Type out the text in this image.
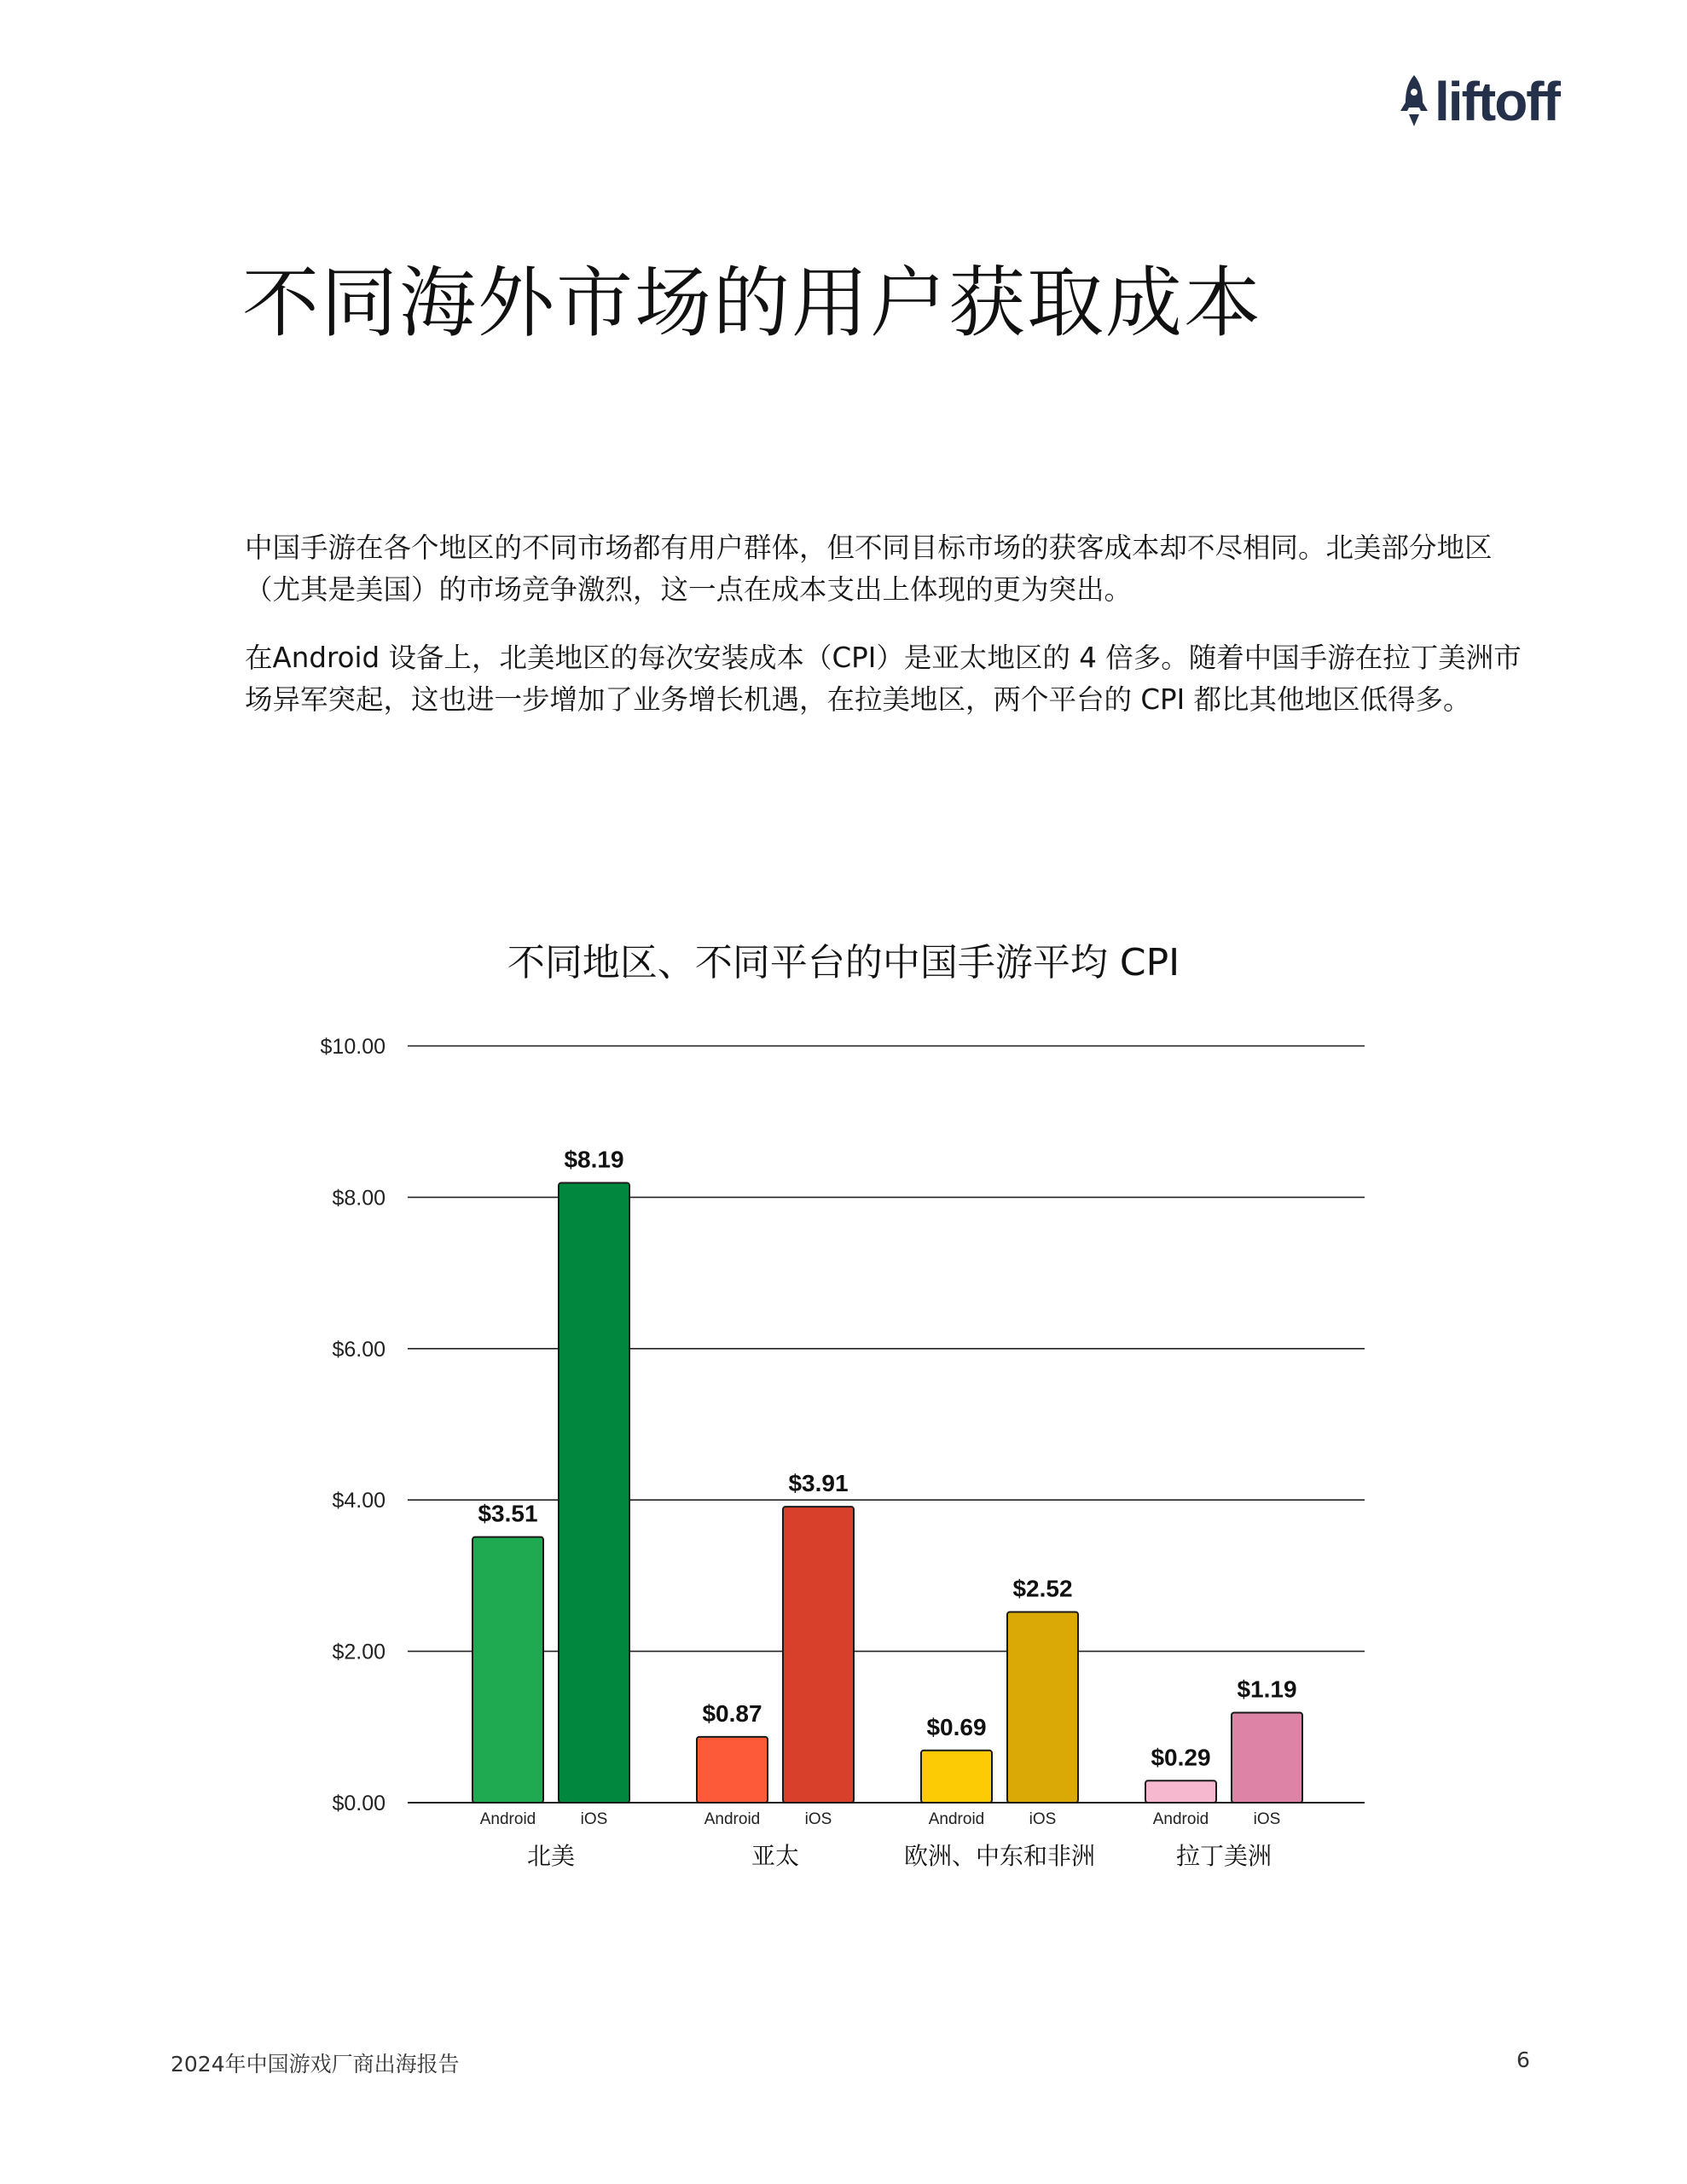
liftoff
不同海外市场的用户获取成本

中国手游在各个地区的不同市场都有用户群体，但不同目标市场的获客成本却不尽相同。北美部分地区（尤其是美国）的市场竞争激烈，这一点在成本支出上体现的更为突出。

在Android 设备上，北美地区的每次安装成本（CPI）是亚太地区的 4 倍多。随着中国手游在拉丁美洲市场异军突起，这也进一步增加了业务增长机遇，在拉美地区，两个平台的 CPI 都比其他地区低得多。

不同地区、不同平台的中国手游平均 CPI
$0.00
$2.00
$4.00
$6.00
$8.00
$10.00
$3.51
Android
$8.19
iOS
北美
$0.87
Android
$3.91
iOS
亚太
$0.69
Android
$2.52
iOS
欧洲、中东和非洲
$0.29
Android
$1.19
iOS
拉丁美洲
2024年中国游戏厂商出海报告	6
